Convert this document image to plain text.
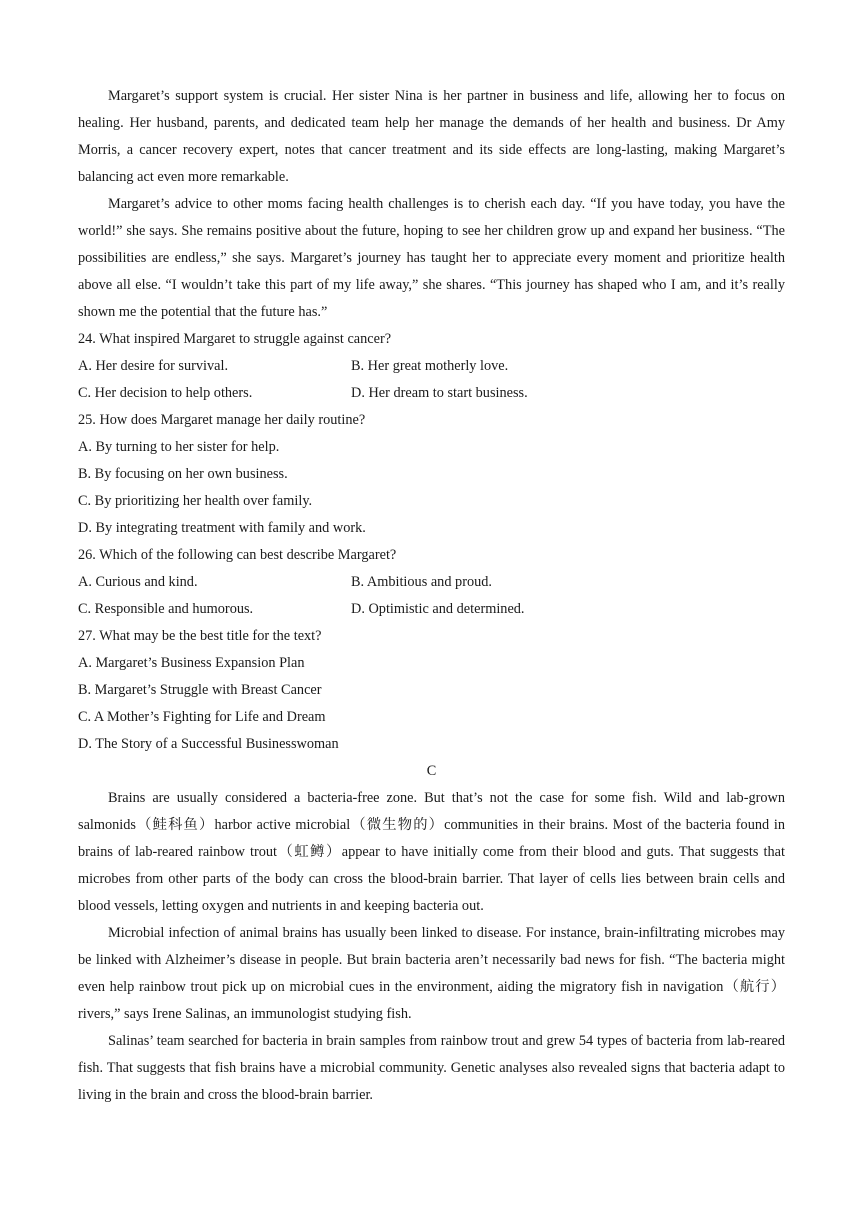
Margaret’s support system is crucial. Her sister Nina is her partner in business and life, allowing her to focus on healing. Her husband, parents, and dedicated team help her manage the demands of her health and business. Dr Amy Morris, a cancer recovery expert, notes that cancer treatment and its side effects are long-lasting, making Margaret’s balancing act even more remarkable.

Margaret’s advice to other moms facing health challenges is to cherish each day. “If you have today, you have the world!” she says. She remains positive about the future, hoping to see her children grow up and expand her business. “The possibilities are endless,” she says. Margaret’s journey has taught her to appreciate every moment and prioritize health above all else. “I wouldn’t take this part of my life away,” she shares. “This journey has shaped who I am, and it’s really shown me the potential that the future has.”

24. What inspired Margaret to struggle against cancer?

A. Her desire for survival.	B. Her great motherly love.
C. Her decision to help others.	D. Her dream to start business.

25. How does Margaret manage her daily routine?

A. By turning to her sister for help.

B. By focusing on her own business.

C. By prioritizing her health over family.

D. By integrating treatment with family and work.

26. Which of the following can best describe Margaret?

A. Curious and kind.	B. Ambitious and proud.
C. Responsible and humorous.	D. Optimistic and determined.

27. What may be the best title for the text?

A. Margaret’s Business Expansion Plan

B. Margaret’s Struggle with Breast Cancer

C. A Mother’s Fighting for Life and Dream

D. The Story of a Successful Businesswoman

C

Brains are usually considered a bacteria-free zone. But that’s not the case for some fish. Wild and lab-grown salmonids（鲑科鱼）harbor active microbial（微生物的）communities in their brains. Most of the bacteria found in brains of lab-reared rainbow trout（虹鳟）appear to have initially come from their blood and guts. That suggests that microbes from other parts of the body can cross the blood-brain barrier. That layer of cells lies between brain cells and blood vessels, letting oxygen and nutrients in and keeping bacteria out.

Microbial infection of animal brains has usually been linked to disease. For instance, brain-infiltrating microbes may be linked with Alzheimer’s disease in people. But brain bacteria aren’t necessarily bad news for fish. “The bacteria might even help rainbow trout pick up on microbial cues in the environment, aiding the migratory fish in navigation（航行）rivers,” says Irene Salinas, an immunologist studying fish.

Salinas’ team searched for bacteria in brain samples from rainbow trout and grew 54 types of bacteria from lab-reared fish. That suggests that fish brains have a microbial community. Genetic analyses also revealed signs that bacteria adapt to living in the brain and cross the blood-brain barrier.
